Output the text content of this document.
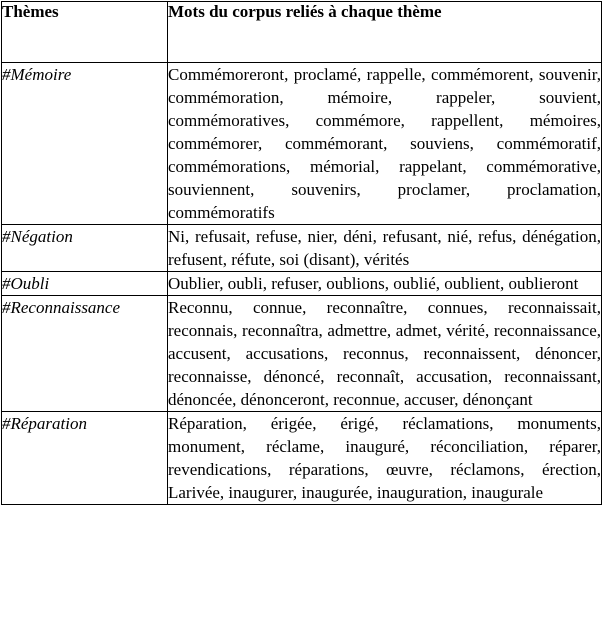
Thèmes	Mots du corpus reliés à chaque thème
#Mémoire	Commémoreront, proclamé, rappelle, commémorent, souvenir, commémoration, mémoire, rappeler, souvient, commémoratives, commémore, rappellent, mémoires, commémorer, commémorant, souviens, commémoratif, commémorations, mémorial, rappelant, commémorative, souviennent, souvenirs, proclamer, proclamation, commémoratifs
#Négation	Ni, refusait, refuse, nier, déni, refusant, nié, refus, dénégation, refusent, réfute, soi (disant), vérités
#Oubli	Oublier, oubli, refuser, oublions, oublié, oublient, oublieront
#Reconnaissance	Reconnu, connue, reconnaître, connues, reconnaissait, reconnais, reconnaîtra, admettre, admet, vérité, reconnaissance, accusent, accusations, reconnus, reconnaissent, dénoncer, reconnaisse, dénoncé, reconnaît, accusation, reconnaissant, dénoncée, dénonceront, reconnue, accuser, dénonçant
#Réparation	Réparation, érigée, érigé, réclamations, monuments, monument, réclame, inauguré, réconciliation, réparer, revendications, réparations, œuvre, réclamons, érection, Larivée, inaugurer, inaugurée, inauguration, inaugurale
